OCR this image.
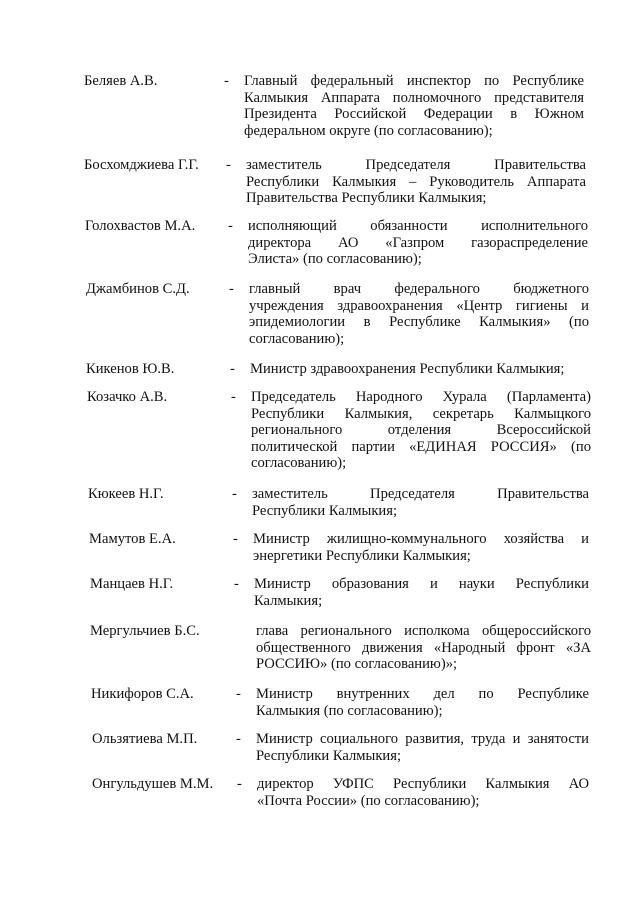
Беляев А.В.	- Главный федеральный инспектор по Республике
Калмыкия Аппарата полномочного представителя
Президента Российской Федерации в Южном
федеральном округе (по согласованию);
Босхомджиева Г.Г. - заместитель Председателя Правительства
Республики Калмыкия – Руководитель Аппарата
Правительства Республики Калмыкия;
Голохвастов М.А. - исполняющий обязанности исполнительного
директора АО «Газпром газораспределение
Элиста» (по согласованию);
Джамбинов С.Д.	- главный врач федерального бюджетного
учреждения здравоохранения «Центр гигиены и
эпидемиологии в Республике Калмыкия» (по
согласованию);
Кикенов Ю.В.	- Министр здравоохранения Республики Калмыкия;
Козачко А.В.	- Председатель Народного Хурала (Парламента)
Республики Калмыкия, секретарь Калмыцкого
регионального отделения Всероссийской
политической партии «ЕДИНАЯ РОССИЯ» (по
согласованию);
Кюкеев Н.Г.	- заместитель Председателя Правительства
Республики Калмыкия;
Мамутов Е.А.	- Министр жилищно-коммунального хозяйства и
энергетики Республики Калмыкия;
Манцаев Н.Г.	- Министр образования и науки Республики
Калмыкия;
Мергульчиев Б.С.	глава регионального исполкома общероссийского
общественного движения «Народный фронт «ЗА
РОССИЮ» (по согласованию)»;
Никифоров С.А.	- Министр внутренних дел по Республике
Калмыкия (по согласованию);
Ользятиева М.П.	- Министр социального развития, труда и занятости
Республики Калмыкия;
Онгульдушев М.М. - директор УФПС Республики Калмыкия АО
«Почта России» (по согласованию);
